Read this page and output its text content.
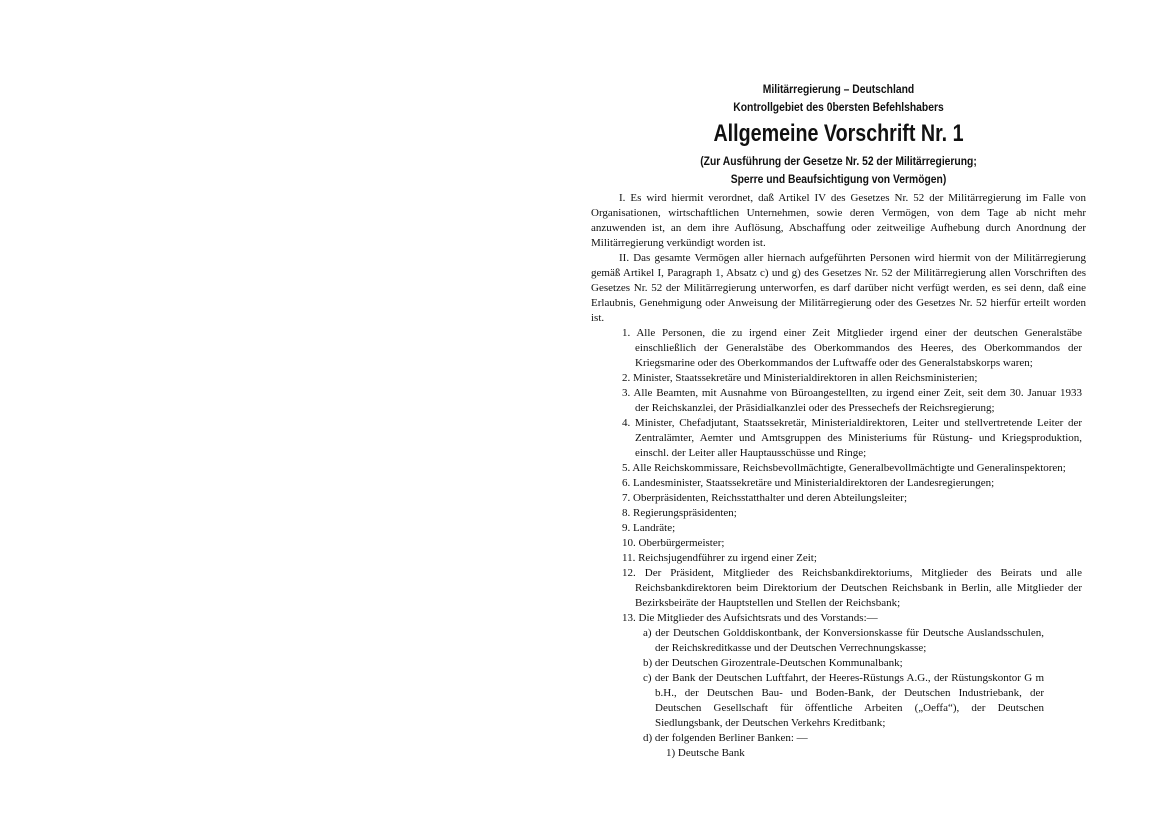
Militärregierung – Deutschland
Kontrollgebiet des 0bersten Befehlshabers
Allgemeine Vorschrift Nr. 1
(Zur Ausführung der Gesetze Nr. 52 der Militärregierung;
Sperre und Beaufsichtigung von Vermögen)

I. Es wird hiermit verordnet, daß Artikel IV des Gesetzes Nr. 52 der Militärregierung im Falle von Organisationen, wirtschaftlichen Unternehmen, sowie deren Vermögen, von dem Tage ab nicht mehr anzuwenden ist, an dem ihre Auflösung, Abschaffung oder zeitweilige Aufhebung durch Anordnung der Militärregierung verkündigt worden ist.

II. Das gesamte Vermögen aller hiernach aufgeführten Personen wird hiermit von der Militärregierung gemäß Artikel I, Paragraph 1, Absatz c) und g) des Gesetzes Nr. 52 der Militärregierung allen Vorschriften des Gesetzes Nr. 52 der Militärregierung unterworfen, es darf darüber nicht verfügt werden, es sei denn, daß eine Erlaubnis, Genehmigung oder Anweisung der Militärregierung oder des Gesetzes Nr. 52 hierfür erteilt worden ist.

1. Alle Personen, die zu irgend einer Zeit Mitglieder irgend einer der deutschen Generalstäbe einschließlich der Generalstäbe des Oberkommandos des Heeres, des Oberkommandos der Kriegsmarine oder des Oberkommandos der Luftwaffe oder des Generalstabskorps waren;
2. Minister, Staatssekretäre und Ministerialdirektoren in allen Reichsministerien;
3. Alle Beamten, mit Ausnahme von Büroangestellten, zu irgend einer Zeit, seit dem 30. Januar 1933 der Reichskanzlei, der Präsidialkanzlei oder des Pressechefs der Reichsregierung;
4. Minister, Chefadjutant, Staatssekretär, Ministerialdirektoren, Leiter und stellvertretende Leiter der Zentralämter, Aemter und Amtsgruppen des Ministeriums für Rüstung- und Kriegsproduktion, einschl. der Leiter aller Hauptausschüsse und Ringe;
5. Alle Reichskommissare, Reichsbevollmächtigte, Generalbevollmächtigte und Generalinspektoren;
6. Landesminister, Staatssekretäre und Ministerialdirektoren der Landesregierungen;
7. Oberpräsidenten, Reichsstatthalter und deren Abteilungsleiter;
8. Regierungspräsidenten;
9. Landräte;
10. Oberbürgermeister;
11. Reichsjugendführer zu irgend einer Zeit;
12. Der Präsident, Mitglieder des Reichsbankdirektoriums, Mitglieder des Beirats und alle Reichsbankdirektoren beim Direktorium der Deutschen Reichsbank in Berlin, alle Mitglieder der Bezirksbeiräte der Hauptstellen und Stellen der Reichsbank;
13. Die Mitglieder des Aufsichtsrats und des Vorstands:—
a) der Deutschen Golddiskontbank, der Konversionskasse für Deutsche Auslandsschulen, der Reichskreditkasse und der Deutschen Verrechnungskasse;
b) der Deutschen Girozentrale-Deutschen Kommunalbank;
c) der Bank der Deutschen Luftfahrt, der Heeres-Rüstungs A.G., der Rüstungskontor G m b.H., der Deutschen Bau- und Boden-Bank, der Deutschen Industriebank, der Deutschen Gesellschaft für öffentliche Arbeiten („Oeffa“), der Deutschen Siedlungsbank, der Deutschen Verkehrs Kreditbank;
d) der folgenden Berliner Banken: —
1) Deutsche Bank
